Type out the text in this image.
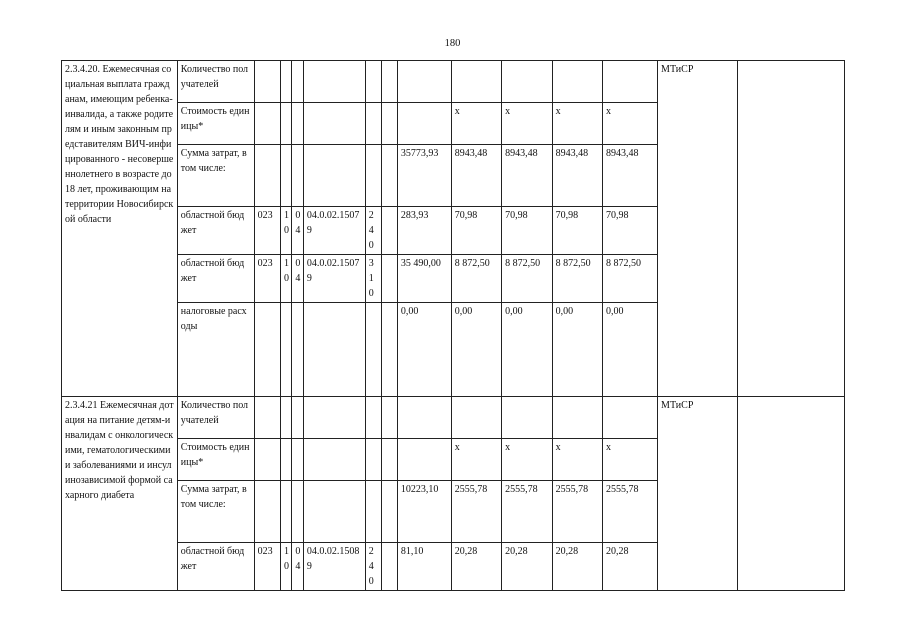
180
2.3.4.20. Ежемесячная социальная выплата гражданам, имеющим ребенка-инвалида, а также родителям и иным законным представителям ВИЧ-инфицированного - несовершеннолетнего в возрасте до 18 лет, проживающим на территории Новосибирской области	Количество получателей												МТиСР	
	Стоимость единицы*								х	х	х	х		
	Сумма затрат, в том числе:							35773,93	8943,48	8943,48	8943,48	8943,48		
	областной бюджет	023	10	04	04.0.02.15079	240		283,93	70,98	70,98	70,98	70,98		
	областной бюджет	023	10	04	04.0.02.15079	310		35 490,00	8 872,50	8 872,50	8 872,50	8 872,50		
	налоговые расходы							0,00	0,00	0,00	0,00	0,00		
2.3.4.21 Ежемесячная дотация на питание детям-инвалидам с онкологическими, гематологическими и заболеваниями и инсулинозависимой формой сахарного диабета	Количество получателей												МТиСР	
	Стоимость единицы*								х	х	х	х		
	Сумма затрат, в том числе:							10223,10	2555,78	2555,78	2555,78	2555,78		
	областной бюджет	023	10	04	04.0.02.15089	240		81,10	20,28	20,28	20,28	20,28		
